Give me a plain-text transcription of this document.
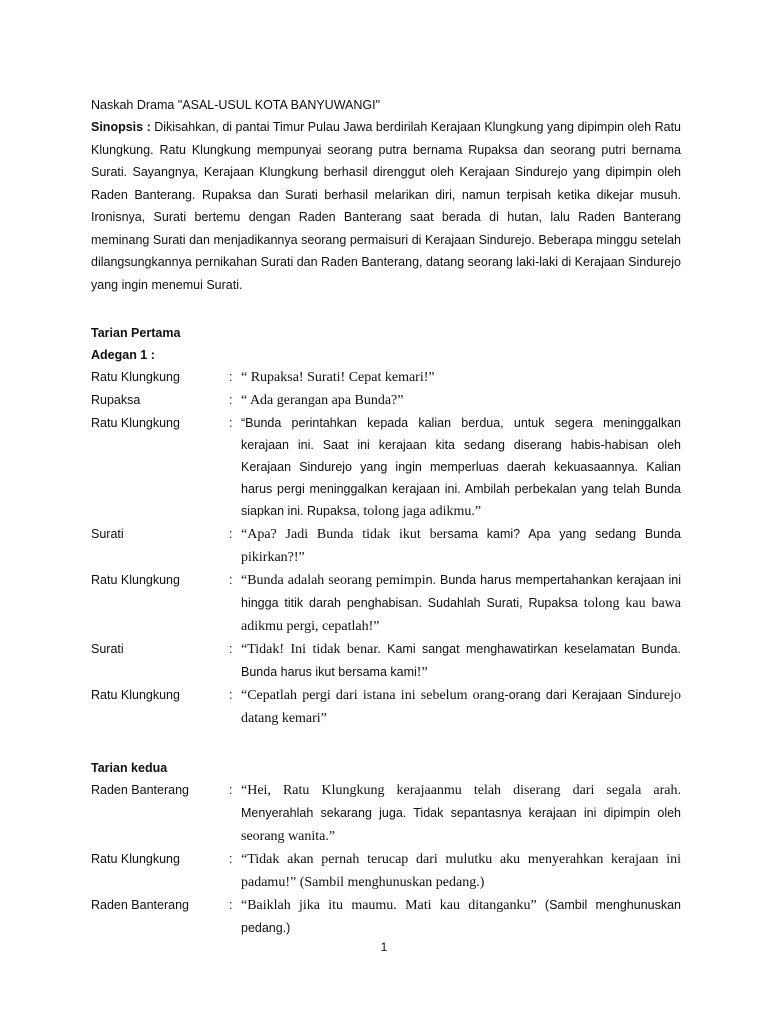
Naskah Drama "ASAL-USUL KOTA BANYUWANGI"

Sinopsis : Dikisahkan, di pantai Timur Pulau Jawa berdirilah Kerajaan Klungkung yang dipimpin oleh Ratu Klungkung. Ratu Klungkung mempunyai seorang putra bernama Rupaksa dan seorang putri bernama Surati. Sayangnya, Kerajaan Klungkung berhasil direnggut oleh Kerajaan Sindurejo yang dipimpin oleh Raden Banterang. Rupaksa dan Surati berhasil melarikan diri, namun terpisah ketika dikejar musuh. Ironisnya, Surati bertemu dengan Raden Banterang saat berada di hutan, lalu Raden Banterang meminang Surati dan menjadikannya seorang permaisuri di Kerajaan Sindurejo. Beberapa minggu setelah dilangsungkannya pernikahan Surati dan Raden Banterang, datang seorang laki-laki di Kerajaan Sindurejo yang ingin menemui Surati.

Tarian Pertama
Adegan 1 :
Ratu Klungkung	: “ Rupaksa! Surati! Cepat kemari!”
Rupaksa	: “ Ada gerangan apa Bunda?”
Ratu Klungkung	: “Bunda perintahkan kepada kalian berdua, untuk segera meninggalkan kerajaan ini. Saat ini kerajaan kita sedang diserang habis-habisan oleh Kerajaan Sindurejo yang ingin memperluas daerah kekuasaannya. Kalian harus pergi meninggalkan kerajaan ini. Ambilah perbekalan yang telah Bunda siapkan ini. Rupaksa, tolong jaga adikmu.”
Surati	: “Apa? Jadi Bunda tidak ikut bersama kami? Apa yang sedang Bunda pikirkan?!”
Ratu Klungkung	: “Bunda adalah seorang pemimpin. Bunda harus mempertahankan kerajaan ini hingga titik darah penghabisan. Sudahlah Surati, Rupaksa tolong kau bawa adikmu pergi, cepatlah!”
Surati	: “Tidak! Ini tidak benar. Kami sangat menghawatirkan keselamatan Bunda. Bunda harus ikut bersama kami!”
Ratu Klungkung	: “Cepatlah pergi dari istana ini sebelum orang-orang dari Kerajaan Sindurejo datang kemari”
Tarian kedua
Raden Banterang	: “Hei, Ratu Klungkung kerajaanmu telah diserang dari segala arah. Menyerahlah sekarang juga. Tidak sepantasnya kerajaan ini dipimpin oleh seorang wanita.”
Ratu Klungkung	: “Tidak akan pernah terucap dari mulutku aku menyerahkan kerajaan ini padamu!” (Sambil menghunuskan pedang.)
Raden Banterang	: “Baiklah jika itu maumu. Mati kau ditanganku” (Sambil menghunuskan pedang.)
1
